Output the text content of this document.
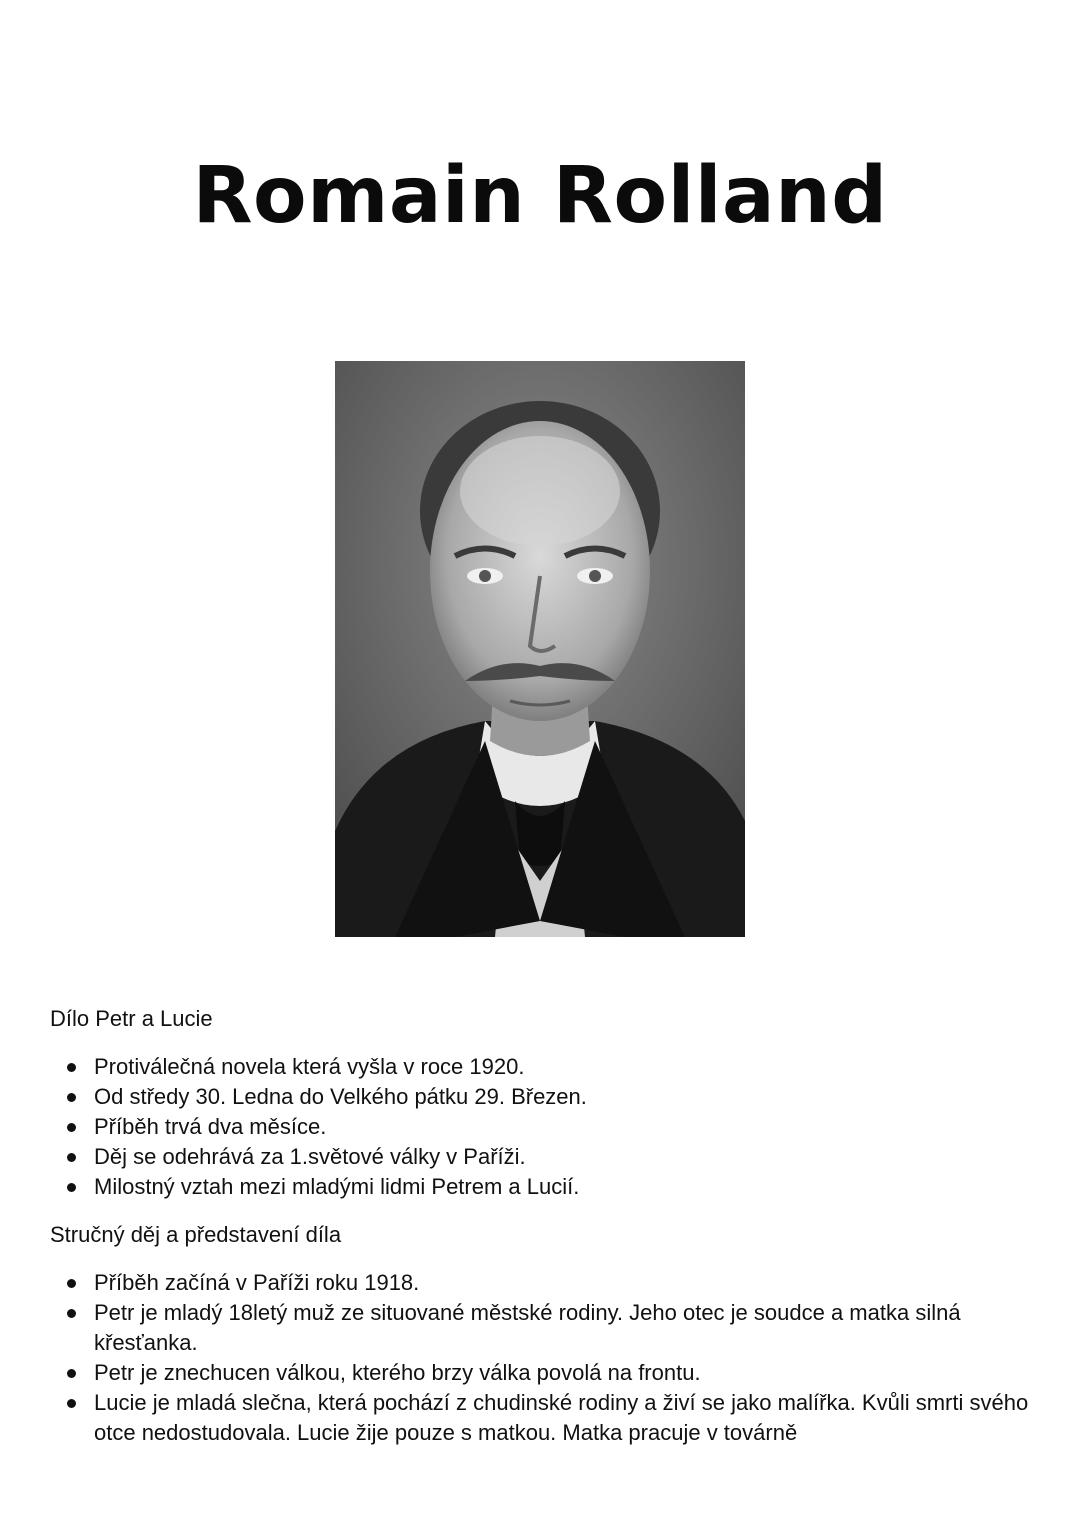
Romain Rolland

Dílo Petr a Lucie

Protiválečná novela která vyšla v roce 1920.
Od středy 30. Ledna do Velkého pátku 29. Březen.
Příběh trvá dva měsíce.
Děj se odehrává za 1.světové války v Paříži.
Milostný vztah mezi mladými lidmi Petrem a Lucií.

Stručný děj a představení díla

Příběh začíná v Paříži roku 1918.
Petr je mladý 18letý muž ze situované městské rodiny. Jeho otec je soudce a matka silná křesťanka.
Petr je znechucen válkou, kterého brzy válka povolá na frontu.
Lucie je mladá slečna, která pochází z chudinské rodiny a živí se jako malířka. Kvůli smrti svého otce nedostudovala. Lucie žije pouze s matkou. Matka pracuje v továrně
